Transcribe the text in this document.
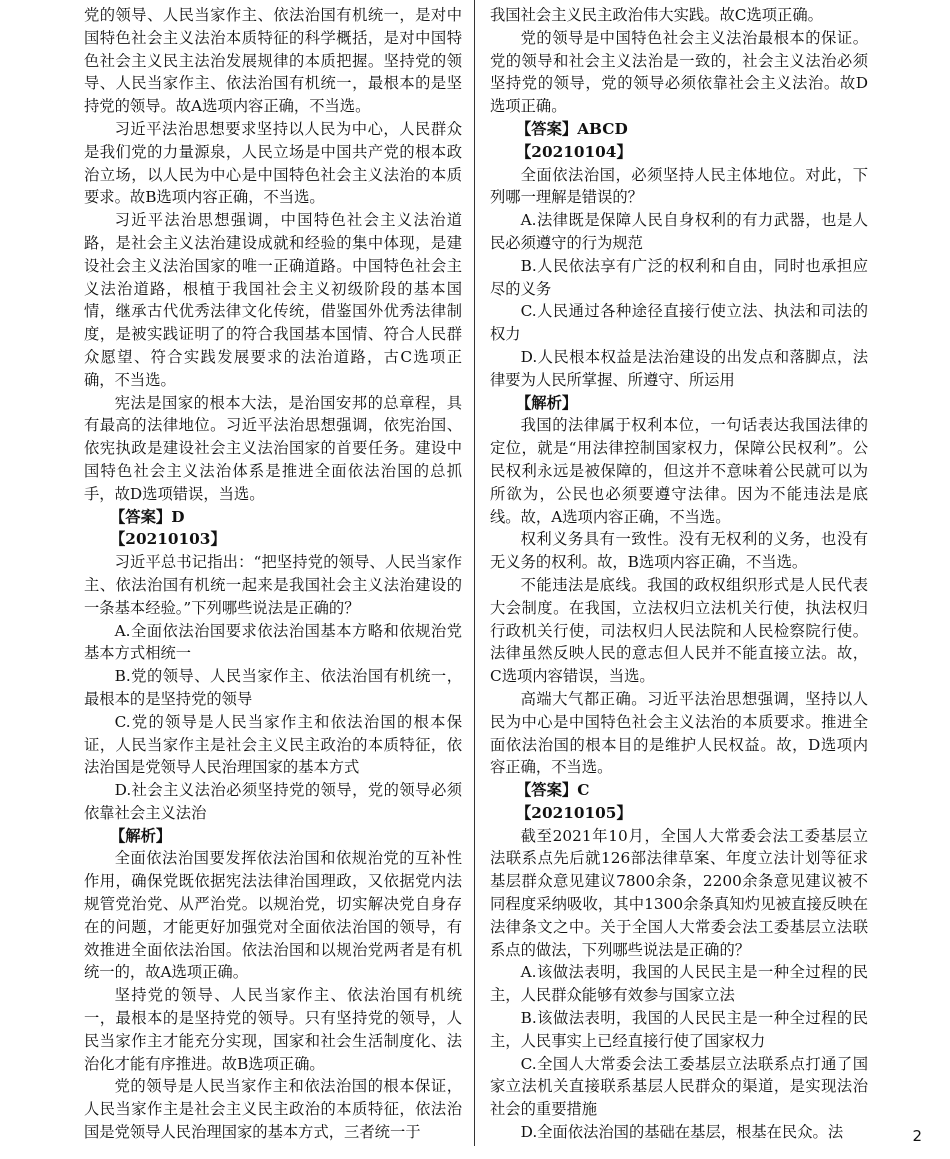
党的领导、人民当家作主、依法治国有机统一，是对中国特色社会主义法治本质特征的科学概括，是对中国特色社会主义民主法治发展规律的本质把握。坚持党的领导、人民当家作主、依法治国有机统一，最根本的是坚持党的领导。故A选项内容正确，不当选。

习近平法治思想要求坚持以人民为中心，人民群众是我们党的力量源泉，人民立场是中国共产党的根本政治立场，以人民为中心是中国特色社会主义法治的本质要求。故B选项内容正确，不当选。

习近平法治思想强调，中国特色社会主义法治道路，是社会主义法治建设成就和经验的集中体现，是建设社会主义法治国家的唯一正确道路。中国特色社会主义法治道路，根植于我国社会主义初级阶段的基本国情，继承古代优秀法律文化传统，借鉴国外优秀法律制度，是被实践证明了的符合我国基本国情、符合人民群众愿望、符合实践发展要求的法治道路，古C选项正确，不当选。

宪法是国家的根本大法，是治国安邦的总章程，具有最高的法律地位。习近平法治思想强调，依宪治国、依宪执政是建设社会主义法治国家的首要任务。建设中国特色社会主义法治体系是推进全面依法治国的总抓手，故D选项错误，当选。

【答案】D

【20210103】

习近平总书记指出：“把坚持党的领导、人民当家作主、依法治国有机统一起来是我国社会主义法治建设的一条基本经验。”下列哪些说法是正确的？

A.全面依法治国要求依法治国基本方略和依规治党基本方式相统一

B.党的领导、人民当家作主、依法治国有机统一，最根本的是坚持党的领导

C.党的领导是人民当家作主和依法治国的根本保证，人民当家作主是社会主义民主政治的本质特征，依法治国是党领导人民治理国家的基本方式

D.社会主义法治必须坚持党的领导，党的领导必须依靠社会主义法治

【解析】

全面依法治国要发挥依法治国和依规治党的互补性作用，确保党既依据宪法法律治国理政，又依据党内法规管党治党、从严治党。以规治党，切实解决党自身存在的问题，才能更好加强党对全面依法治国的领导，有效推进全面依法治国。依法治国和以规治党两者是有机统一的，故A选项正确。

坚持党的领导、人民当家作主、依法治国有机统一，最根本的是坚持党的领导。只有坚持党的领导，人民当家作主才能充分实现，国家和社会生活制度化、法治化才能有序推进。故B选项正确。

党的领导是人民当家作主和依法治国的根本保证，人民当家作主是社会主义民主政治的本质特征，依法治国是党领导人民治理国家的基本方式，三者统一于

我国社会主义民主政治伟大实践。故C选项正确。

党的领导是中国特色社会主义法治最根本的保证。党的领导和社会主义法治是一致的，社会主义法治必须坚持党的领导，党的领导必须依靠社会主义法治。故D选项正确。

【答案】ABCD

【20210104】

全面依法治国，必须坚持人民主体地位。对此，下列哪一理解是错误的？

A.法律既是保障人民自身权利的有力武器，也是人民必须遵守的行为规范

B.人民依法享有广泛的权利和自由，同时也承担应尽的义务

C.人民通过各种途径直接行使立法、执法和司法的权力

D.人民根本权益是法治建设的出发点和落脚点，法律要为人民所掌握、所遵守、所运用

【解析】

我国的法律属于权利本位，一句话表达我国法律的定位，就是“用法律控制国家权力，保障公民权利”。公民权利永远是被保障的，但这并不意味着公民就可以为所欲为，公民也必须要遵守法律。因为不能违法是底线。故，A选项内容正确，不当选。

权利义务具有一致性。没有无权利的义务，也没有无义务的权利。故，B选项内容正确，不当选。

不能违法是底线。我国的政权组织形式是人民代表大会制度。在我国，立法权归立法机关行使，执法权归行政机关行使，司法权归人民法院和人民检察院行使。法律虽然反映人民的意志但人民并不能直接立法。故，C选项内容错误，当选。

高端大气都正确。习近平法治思想强调，坚持以人民为中心是中国特色社会主义法治的本质要求。推进全面依法治国的根本目的是维护人民权益。故，D选项内容正确，不当选。

【答案】C

【20210105】

截至2021年10月，全国人大常委会法工委基层立法联系点先后就126部法律草案、年度立法计划等征求基层群众意见建议7800余条，2200余条意见建议被不同程度采纳吸收，其中1300余条真知灼见被直接反映在法律条文之中。关于全国人大常委会法工委基层立法联系点的做法，下列哪些说法是正确的？

A.该做法表明，我国的人民民主是一种全过程的民主，人民群众能够有效参与国家立法

B.该做法表明，我国的人民民主是一种全过程的民主，人民事实上已经直接行使了国家权力

C.全国人大常委会法工委基层立法联系点打通了国家立法机关直接联系基层人民群众的渠道，是实现法治社会的重要措施

D.全面依法治国的基础在基层，根基在民众。法	2
